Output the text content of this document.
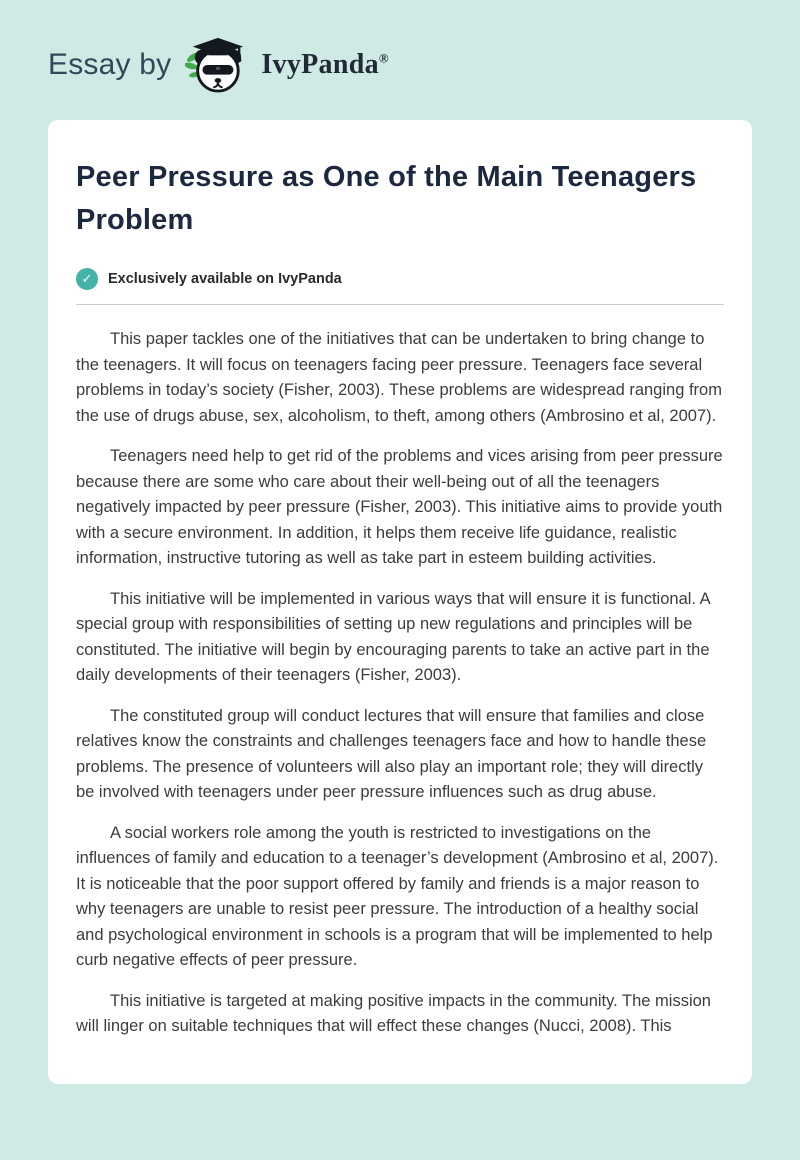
Essay by	IvyPanda®
Peer Pressure as One of the Main Teenagers Problem
✓	Exclusively available on IvyPanda

This paper tackles one of the initiatives that can be undertaken to bring change to the teenagers. It will focus on teenagers facing peer pressure. Teenagers face several problems in today’s society (Fisher, 2003). These problems are widespread ranging from the use of drugs abuse, sex, alcoholism, to theft, among others (Ambrosino et al, 2007).

Teenagers need help to get rid of the problems and vices arising from peer pressure because there are some who care about their well-being out of all the teenagers negatively impacted by peer pressure (Fisher, 2003). This initiative aims to provide youth with a secure environment. In addition, it helps them receive life guidance, realistic information, instructive tutoring as well as take part in esteem building activities.

This initiative will be implemented in various ways that will ensure it is functional. A special group with responsibilities of setting up new regulations and principles will be constituted. The initiative will begin by encouraging parents to take an active part in the daily developments of their teenagers (Fisher, 2003).

The constituted group will conduct lectures that will ensure that families and close relatives know the constraints and challenges teenagers face and how to handle these problems. The presence of volunteers will also play an important role; they will directly be involved with teenagers under peer pressure influences such as drug abuse.

A social workers role among the youth is restricted to investigations on the influences of family and education to a teenager’s development (Ambrosino et al, 2007). It is noticeable that the poor support offered by family and friends is a major reason to why teenagers are unable to resist peer pressure. The introduction of a healthy social and psychological environment in schools is a program that will be implemented to help curb negative effects of peer pressure.

This initiative is targeted at making positive impacts in the community. The mission will linger on suitable techniques that will effect these changes (Nucci, 2008). This
